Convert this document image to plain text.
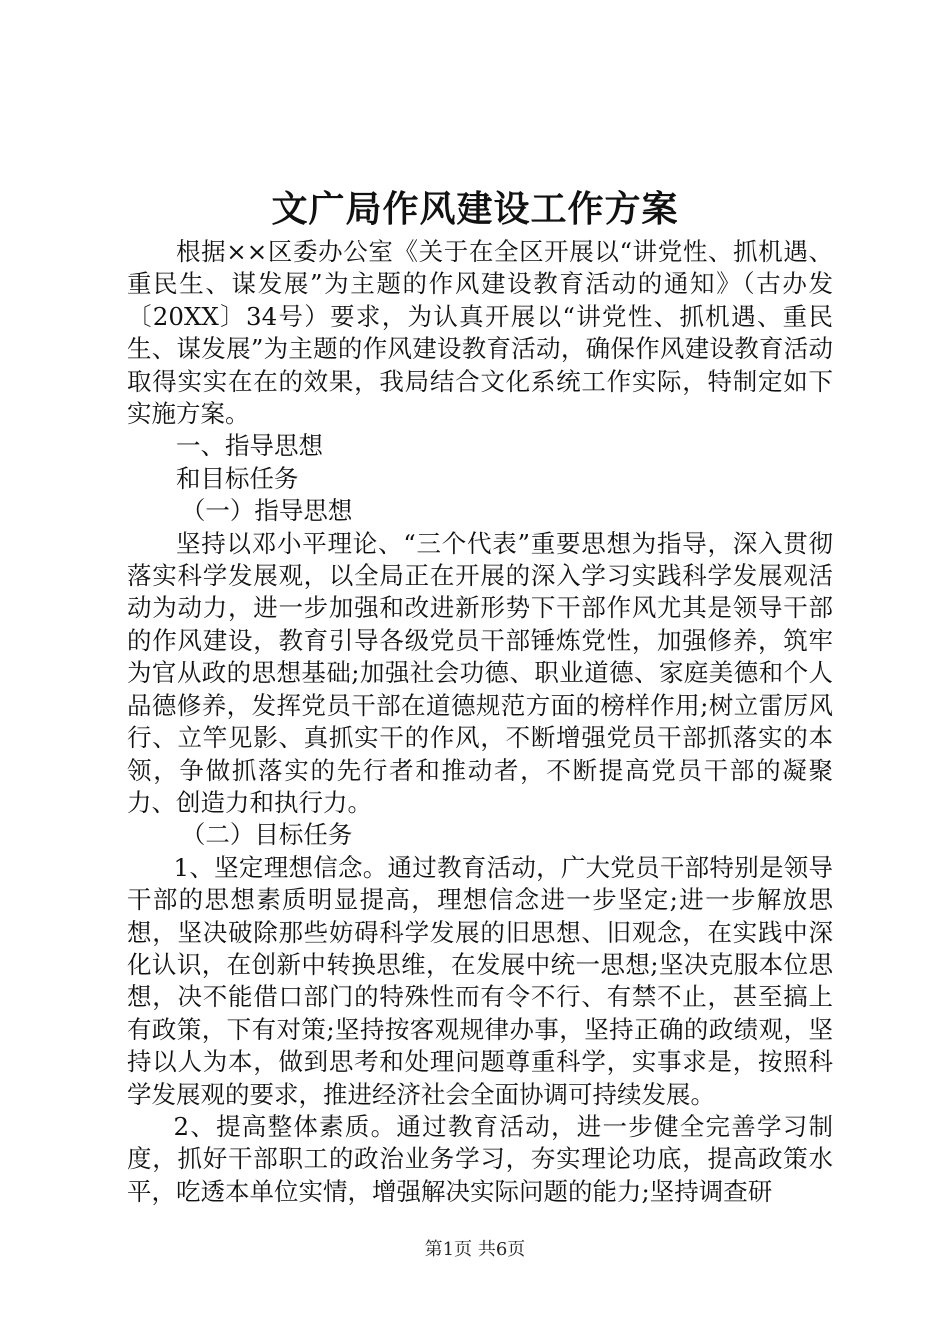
文广局作风建设工作方案

根据××区委办公室《关于在全区开展以“讲党性、抓机遇、重民生、谋发展”为主题的作风建设教育活动的通知》（古办发〔20XX〕34号）要求，为认真开展以“讲党性、抓机遇、重民生、谋发展”为主题的作风建设教育活动，确保作风建设教育活动取得实实在在的效果，我局结合文化系统工作实际，特制定如下实施方案。

一、指导思想

和目标任务

（一）指导思想

坚持以邓小平理论、“三个代表”重要思想为指导，深入贯彻落实科学发展观，以全局正在开展的深入学习实践科学发展观活动为动力，进一步加强和改进新形势下干部作风尤其是领导干部的作风建设，教育引导各级党员干部锤炼党性，加强修养，筑牢为官从政的思想基础;加强社会功德、职业道德、家庭美德和个人品德修养，发挥党员干部在道德规范方面的榜样作用;树立雷厉风行、立竿见影、真抓实干的作风，不断增强党员干部抓落实的本领，争做抓落实的先行者和推动者，不断提高党员干部的凝聚力、创造力和执行力。

（二）目标任务

1、坚定理想信念。通过教育活动，广大党员干部特别是领导干部的思想素质明显提高，理想信念进一步坚定;进一步解放思想，坚决破除那些妨碍科学发展的旧思想、旧观念，在实践中深化认识，在创新中转换思维，在发展中统一思想;坚决克服本位思想，决不能借口部门的特殊性而有令不行、有禁不止，甚至搞上有政策，下有对策;坚持按客观规律办事，坚持正确的政绩观，坚持以人为本，做到思考和处理问题尊重科学，实事求是，按照科学发展观的要求，推进经济社会全面协调可持续发展。

2、提高整体素质。通过教育活动，进一步健全完善学习制度，抓好干部职工的政治业务学习，夯实理论功底，提高政策水平，吃透本单位实情，增强解决实际问题的能力;坚持调查研

第1页 共6页
